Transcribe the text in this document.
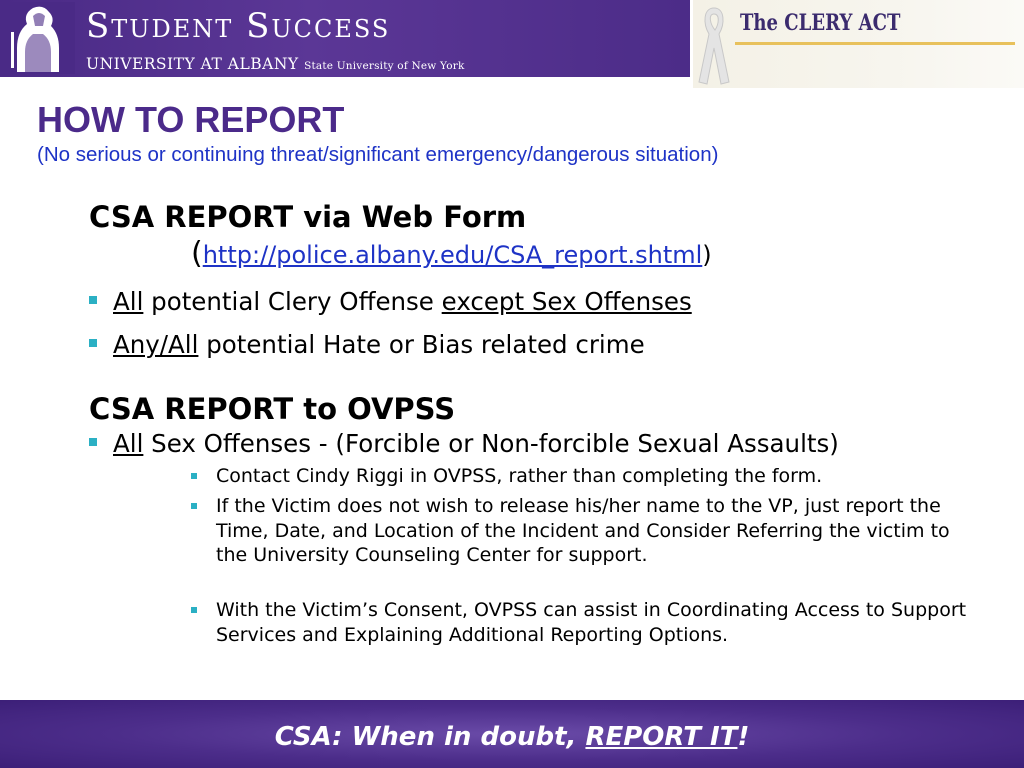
Student Success
UNIVERSITY AT ALBANY State University of New York
The CLERY ACT
HOW TO REPORT
(No serious or continuing threat/significant emergency/dangerous situation)
CSA REPORT via Web Form
(http://police.albany.edu/CSA_report.shtml)
All potential Clery Offense except Sex Offenses
Any/All potential Hate or Bias related crime
CSA REPORT to OVPSS
All Sex Offenses - (Forcible or Non-forcible Sexual Assaults)
Contact Cindy Riggi in OVPSS, rather than completing the form.
If the Victim does not wish to release his/her name to the VP, just report the Time, Date, and Location of the Incident and Consider Referring the victim to the University Counseling Center for support.
With the Victim’s Consent, OVPSS can assist in Coordinating Access to Support Services and Explaining Additional Reporting Options.
CSA: When in doubt, REPORT IT!
